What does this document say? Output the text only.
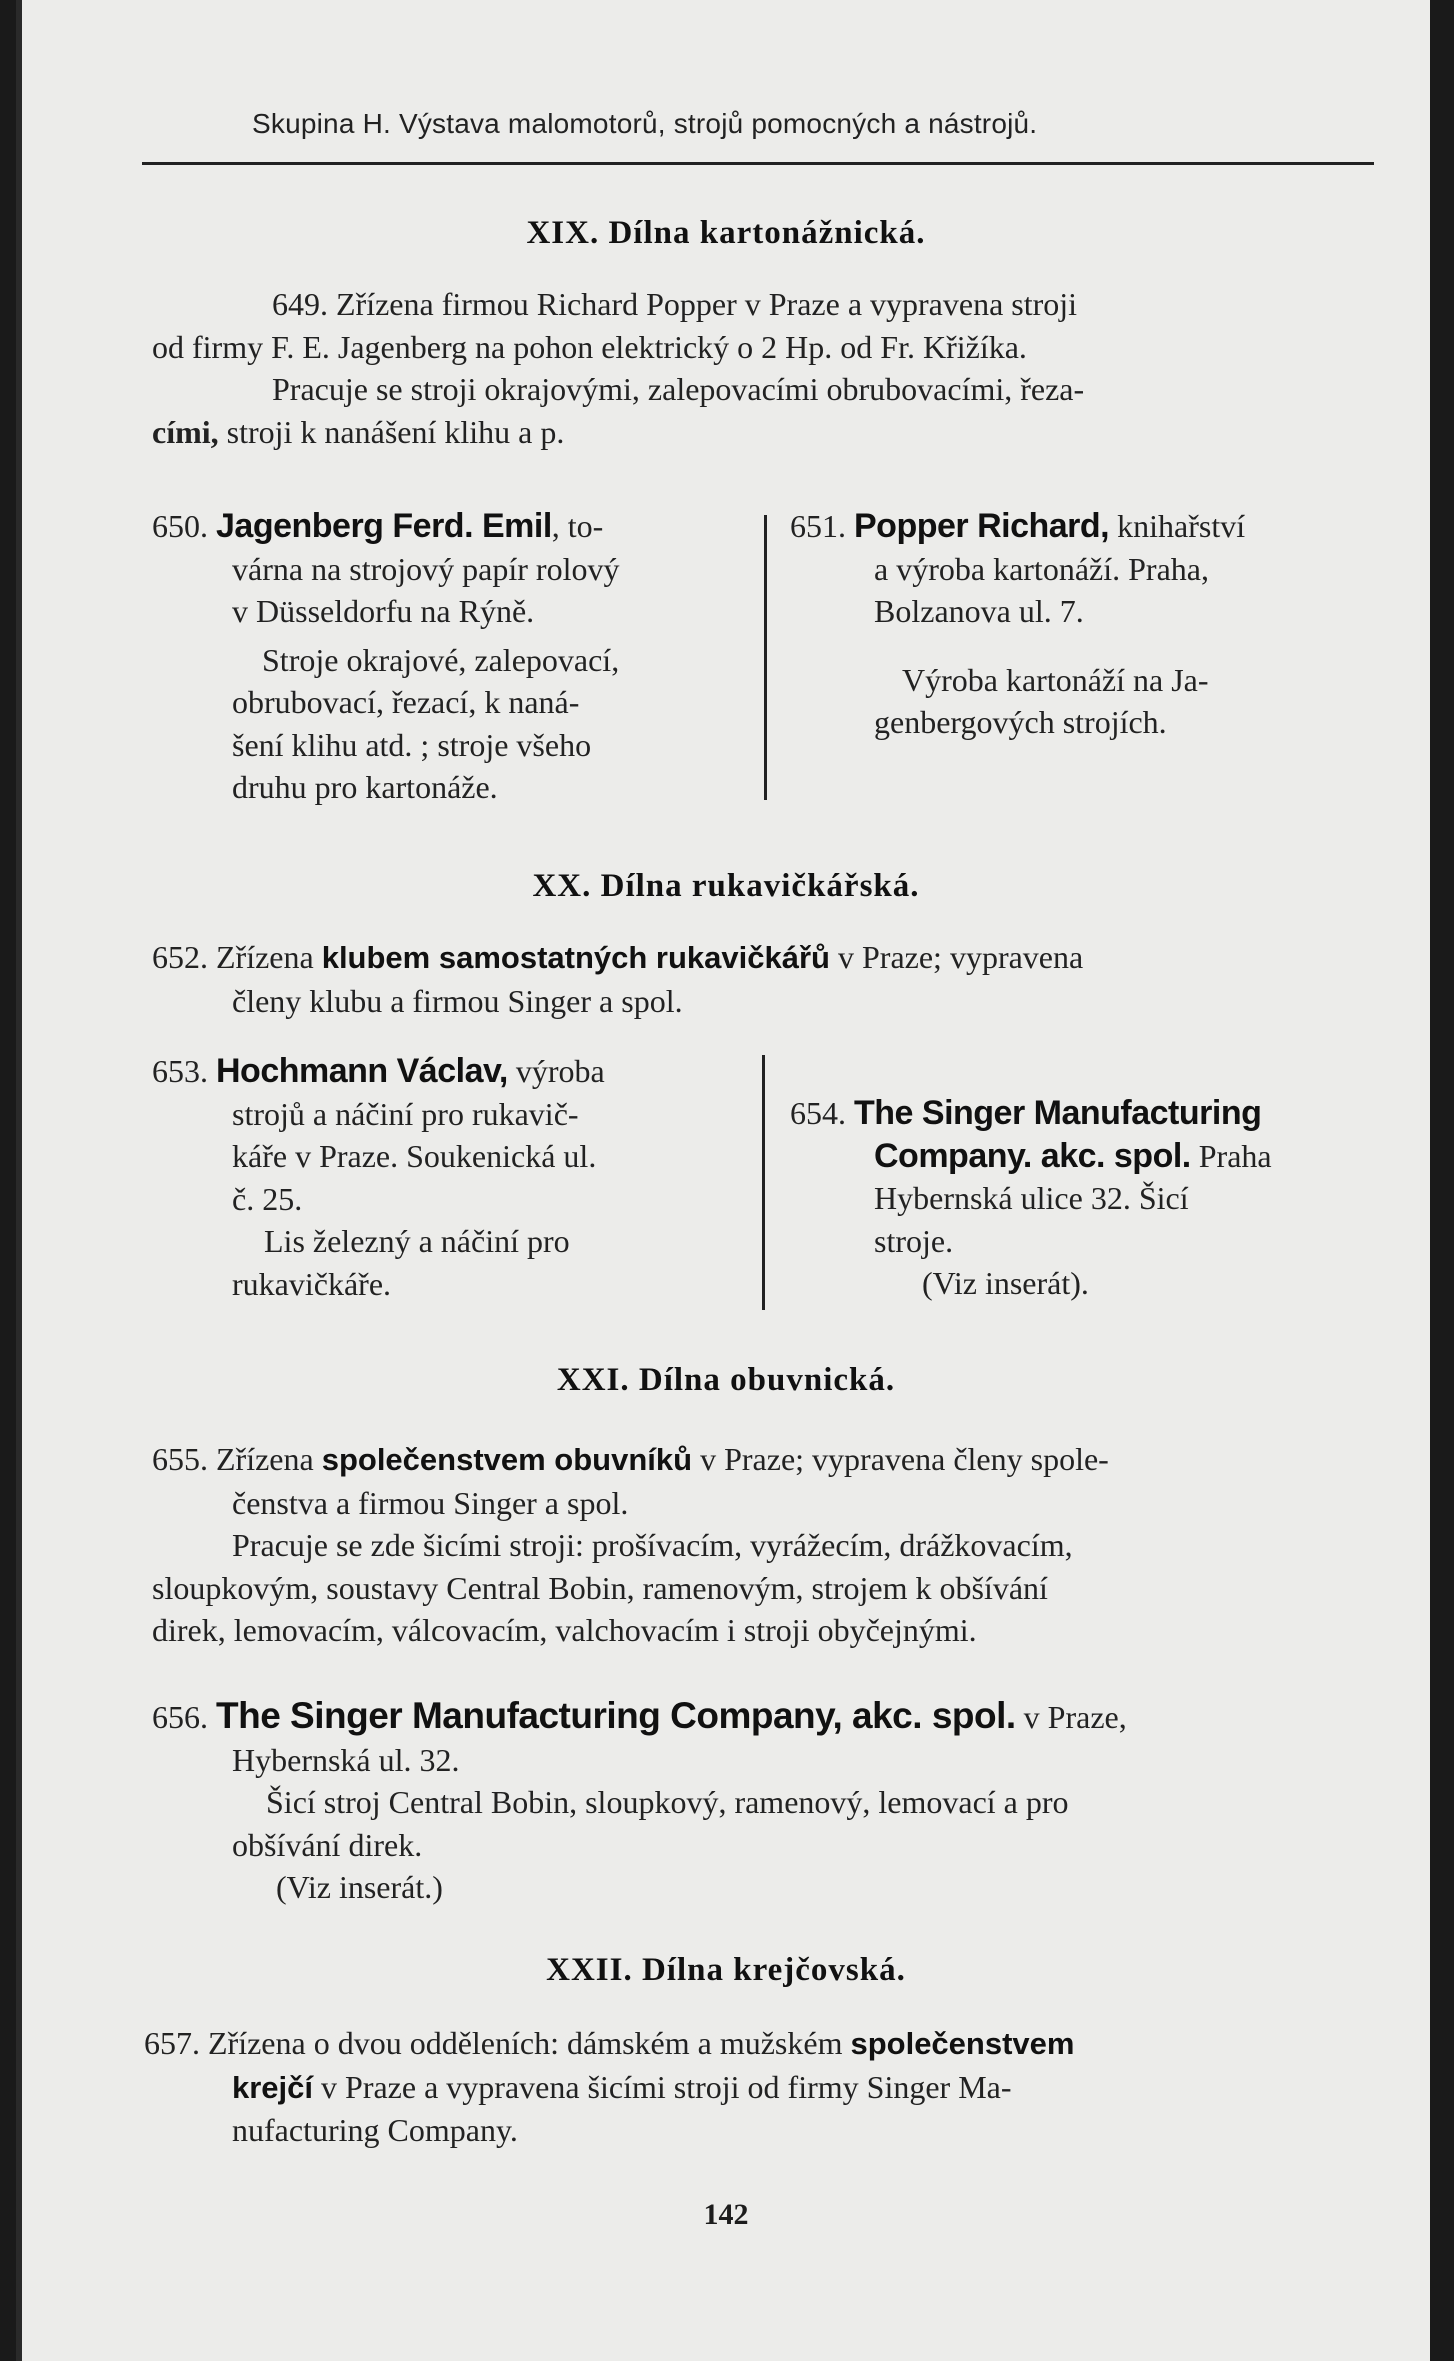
Skupina H. Výstava malomotorů, strojů pomocných a nástrojů.
XIX. Dílna kartonážnická.
649. Zřízena firmou Richard Popper v Praze a vypravena stroji
od firmy F. E. Jagenberg na pohon elektrický o 2 Hp. od Fr. Křižíka.
Pracuje se stroji okrajovými, zalepovacími obrubovacími, řeza-
cími, stroji k nanášení klihu a p.
650. Jagenberg Ferd. Emil, to-
várna na strojový papír rolový
v Düsseldorfu na Rýně.
Stroje okrajové, zalepovací,
obrubovací, řezací, k naná-
šení klihu atd. ; stroje všeho
druhu pro kartonáže.
651. Popper Richard, knihařství
a výroba kartonáží. Praha,
Bolzanova ul. 7.
Výroba kartonáží na Ja-
genbergových strojích.
XX. Dílna rukavičkářská.
652. Zřízena klubem samostatných rukavičkářů v Praze; vypravena
členy klubu a firmou Singer a spol.
653. Hochmann Václav, výroba
strojů a náčiní pro rukavič-
káře v Praze. Soukenická ul.
č. 25.
Lis železný a náčiní pro
rukavičkáře.
654. The Singer Manufacturing
Company. akc. spol. Praha
Hybernská ulice 32. Šicí
stroje.
(Viz inserát).
XXI. Dílna obuvnická.
655. Zřízena společenstvem obuvníků v Praze; vypravena členy spole-
čenstva a firmou Singer a spol.
Pracuje se zde šicími stroji: prošívacím, vyrážecím, drážkovacím,
sloupkovým, soustavy Central Bobin, ramenovým, strojem k obšívání
direk, lemovacím, válcovacím, valchovacím i stroji obyčejnými.
656. The Singer Manufacturing Company, akc. spol. v Praze,
Hybernská ul. 32.
Šicí stroj Central Bobin, sloupkový, ramenový, lemovací a pro
obšívání direk.
(Viz inserát.)
XXII. Dílna krejčovská.
657. Zřízena o dvou odděleních: dámském a mužském společenstvem
krejčí v Praze a vypravena šicími stroji od firmy Singer Ma-
nufacturing Company.
142
